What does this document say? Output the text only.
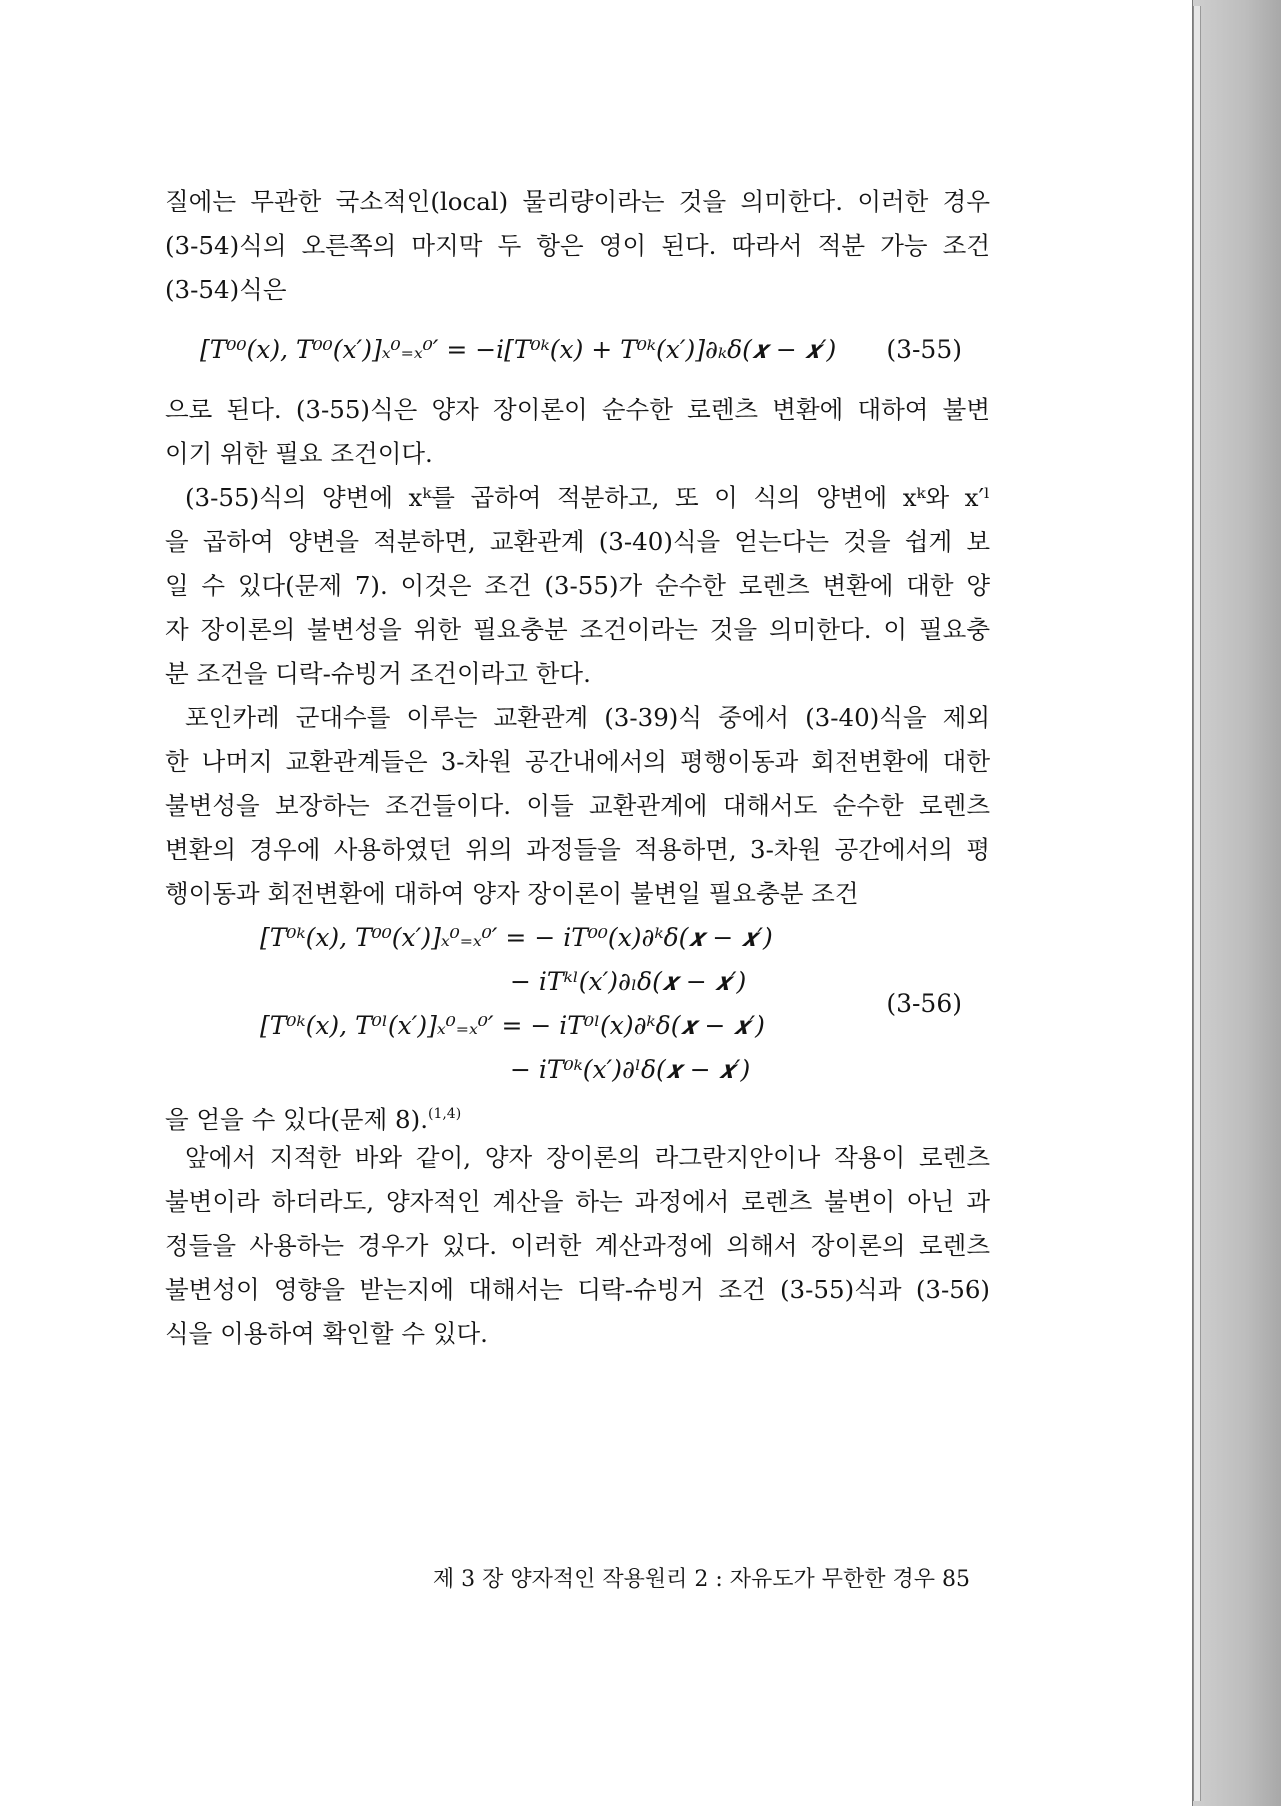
질에는 무관한 국소적인(local) 물리량이라는 것을 의미한다. 이러한 경우
(3-54)식의 오른쪽의 마지막 두 항은 영이 된다. 따라서 적분 가능 조건
(3-54)식은
[T⁰⁰(x), T⁰⁰(x′)]ₓ⁰₌ₓ⁰′ = −i[T⁰ᵏ(x) + T⁰ᵏ(x′)]∂ₖδ(𝒙 − 𝒙′) (3-55)
으로 된다. (3-55)식은 양자 장이론이 순수한 로렌츠 변환에 대하여 불변
이기 위한 필요 조건이다.
(3-55)식의 양변에 xᵏ를 곱하여 적분하고, 또 이 식의 양변에 xᵏ와 x′ˡ
을 곱하여 양변을 적분하면, 교환관계 (3-40)식을 얻는다는 것을 쉽게 보
일 수 있다(문제 7). 이것은 조건 (3-55)가 순수한 로렌츠 변환에 대한 양
자 장이론의 불변성을 위한 필요충분 조건이라는 것을 의미한다. 이 필요충
분 조건을 디락-슈빙거 조건이라고 한다.
포인카레 군대수를 이루는 교환관계 (3-39)식 중에서 (3-40)식을 제외
한 나머지 교환관계들은 3-차원 공간내에서의 평행이동과 회전변환에 대한
불변성을 보장하는 조건들이다. 이들 교환관계에 대해서도 순수한 로렌츠
변환의 경우에 사용하였던 위의 과정들을 적용하면, 3-차원 공간에서의 평
행이동과 회전변환에 대하여 양자 장이론이 불변일 필요충분 조건
[T⁰ᵏ(x), T⁰⁰(x′)]ₓ⁰₌ₓ⁰′ = − iT⁰⁰(x)∂ᵏδ(𝒙 − 𝒙′)
− iTᵏˡ(x′)∂ₗδ(𝒙 − 𝒙′)
[T⁰ᵏ(x), T⁰ˡ(x′)]ₓ⁰₌ₓ⁰′ = − iT⁰ˡ(x)∂ᵏδ(𝒙 − 𝒙′)
− iT⁰ᵏ(x′)∂ˡδ(𝒙 − 𝒙′)
(3-56)
을 얻을 수 있다(문제 8).$^{(1,4)}$
앞에서 지적한 바와 같이, 양자 장이론의 라그란지안이나 작용이 로렌츠
불변이라 하더라도, 양자적인 계산을 하는 과정에서 로렌츠 불변이 아닌 과
정들을 사용하는 경우가 있다. 이러한 계산과정에 의해서 장이론의 로렌츠
불변성이 영향을 받는지에 대해서는 디락-슈빙거 조건 (3-55)식과 (3-56)
식을 이용하여 확인할 수 있다.
제 3 장 양자적인 작용원리 2 : 자유도가 무한한 경우 85
